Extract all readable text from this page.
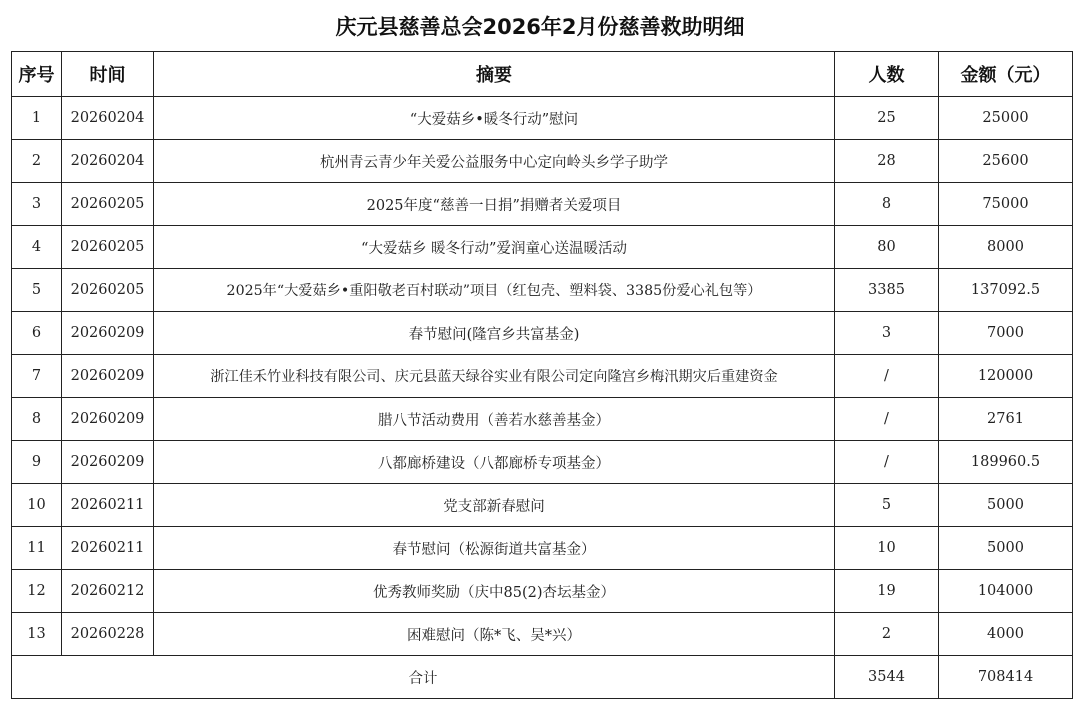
庆元县慈善总会2026年2月份慈善救助明细
序号	时间	摘要	人数	金额（元）
1	20260204	“大爱菇乡•暖冬行动”慰问	25	25000
2	20260204	杭州青云青少年关爱公益服务中心定向岭头乡学子助学	28	25600
3	20260205	2025年度“慈善一日捐”捐赠者关爱项目	8	75000
4	20260205	“大爱菇乡 暖冬行动”爱润童心送温暖活动	80	8000
5	20260205	2025年“大爱菇乡•重阳敬老百村联动”项目（红包壳、塑料袋、3385份爱心礼包等）	3385	137092.5
6	20260209	春节慰问(隆宫乡共富基金)	3	7000
7	20260209	浙江佳禾竹业科技有限公司、庆元县蓝天绿谷实业有限公司定向隆宫乡梅汛期灾后重建资金	/	120000
8	20260209	腊八节活动费用（善若水慈善基金）	/	2761
9	20260209	八都廊桥建设（八都廊桥专项基金）	/	189960.5
10	20260211	党支部新春慰问	5	5000
11	20260211	春节慰问（松源街道共富基金）	10	5000
12	20260212	优秀教师奖励（庆中85(2)杏坛基金）	19	104000
13	20260228	困难慰问（陈*飞、吴*兴）	2	4000
合计			3544	708414
